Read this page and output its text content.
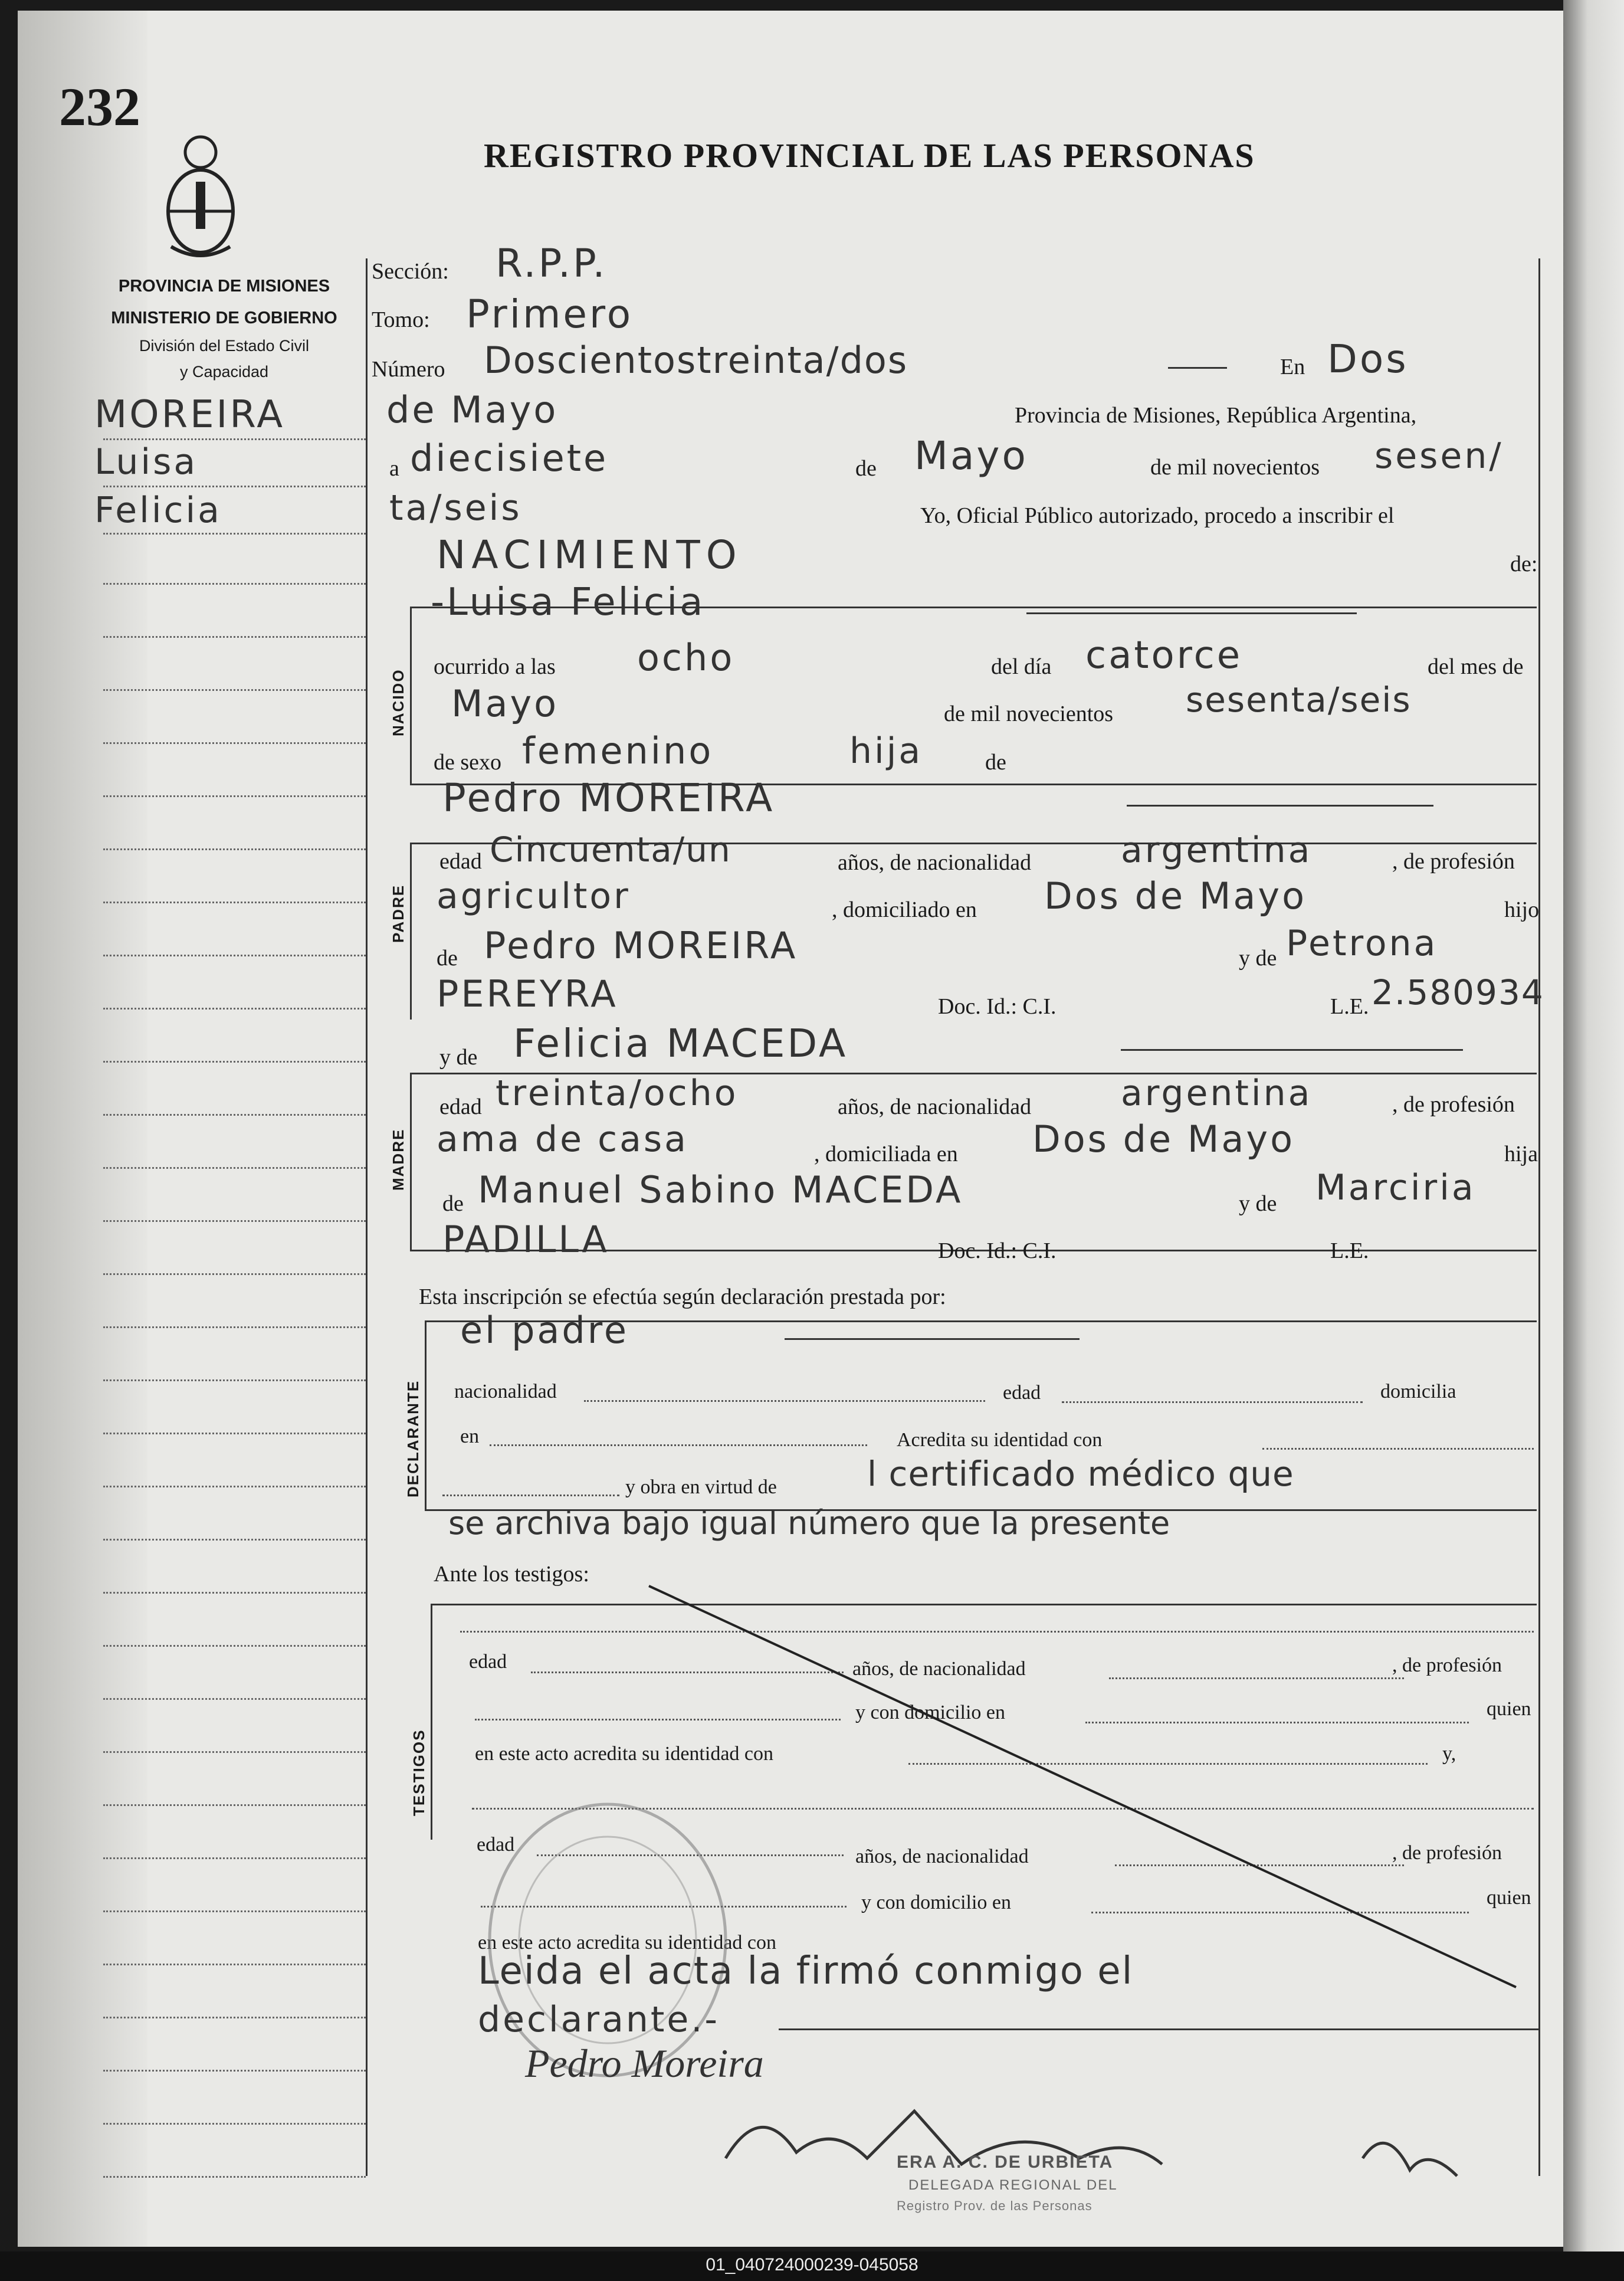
232
REGISTRO PROVINCIAL DE LAS PERSONAS
PROVINCIA DE MISIONES
MINISTERIO DE GOBIERNO
División del Estado Civil
y Capacidad
MOREIRA
Luisa
Felicia
NACIDO
PADRE
MADRE
DECLARANTE
TESTIGOS
Sección: R.P.P.
Tomo: Primero
Número Doscientostreinta/dos	En Dos
de Mayo	Provincia de Misiones, República Argentina,
a diecisiete	de Mayo	de mil novecientos sesen/
ta/seis	Yo, Oficial Público autorizado, procedo a inscribir el
NACIMIENTO	de:
-Luisa Felicia
ocurrido a las ocho	del día catorce	del mes de
Mayo	de mil novecientos sesenta/seis
de sexo femenino	hija	de
Pedro MOREIRA
edad Cincuenta/un	años, de nacionalidad	argentina	, de profesión
agricultor	, domiciliado en Dos de Mayo	hijo
de Pedro MOREIRA	y de Petrona
PEREYRA	Doc. Id.: C.I.	L.E. 2.580934
y de Felicia MACEDA
edad treinta/ocho	años, de nacionalidad	argentina	, de profesión
ama de casa	, domiciliada en Dos de Mayo	hija
de Manuel Sabino MACEDA	y de Marciria
PADILLA	Doc. Id.: C.I.	L.E.
Esta inscripción se efectúa según declaración prestada por:
el padre
nacionalidad	edad	domicilia
en	Acredita su identidad con
y obra en virtud de	l certificado médico que
se archiva bajo igual número que la presente
Ante los testigos:
edad	años, de nacionalidad	, de profesión
y con domicilio en	quien
en este acto acredita su identidad con	y,
edad
años, de nacionalidad	, de profesión
y con domicilio en	quien
en este acto acredita su identidad con
Leida el acta la firmó conmigo el
declarante.-
Pedro Moreira
ERA A. C. DE URBIETA
DELEGADA REGIONAL DEL
Registro Prov. de las Personas
01_040724000239-045058
